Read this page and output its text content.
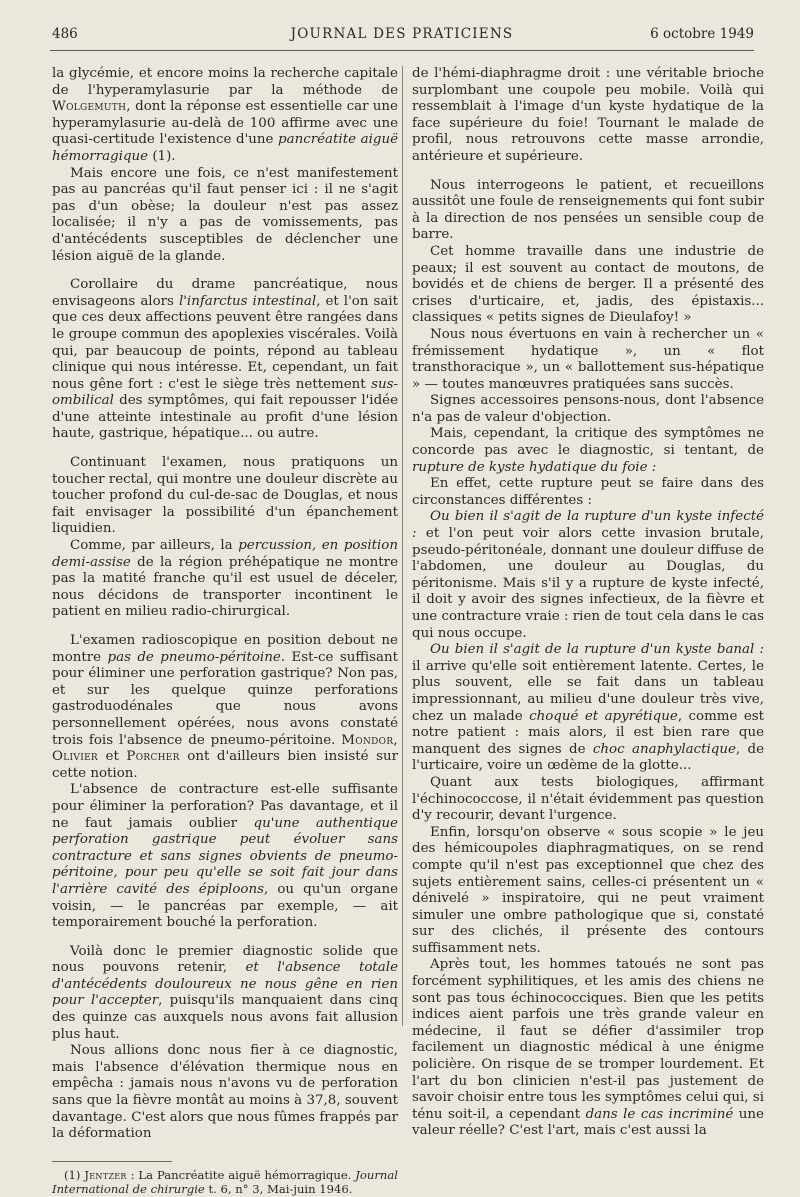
486	JOURNAL DES PRATICIENS	6 octobre 1949

la glycémie, et encore moins la recherche capitale de l'hyperamylasurie par la méthode de Wolgemuth, dont la réponse est essentielle car une hyperamylasurie au-delà de 100 affirme avec une quasi-certitude l'existence d'une pancréatite aiguë hémorragique (1).

Mais encore une fois, ce n'est manifestement pas au pancréas qu'il faut penser ici : il ne s'agit pas d'un obèse; la douleur n'est pas assez localisée; il n'y a pas de vomissements, pas d'antécédents susceptibles de déclencher une lésion aiguë de la glande.

Corollaire du drame pancréatique, nous envisageons alors l'infarctus intestinal, et l'on sait que ces deux affections peuvent être rangées dans le groupe commun des apoplexies viscérales. Voilà qui, par beaucoup de points, répond au tableau clinique qui nous intéresse. Et, cependant, un fait nous gêne fort : c'est le siège très nettement sus-ombilical des symptômes, qui fait repousser l'idée d'une atteinte intestinale au profit d'une lésion haute, gastrique, hépatique... ou autre.

Continuant l'examen, nous pratiquons un toucher rectal, qui montre une douleur discrète au toucher profond du cul-de-sac de Douglas, et nous fait envisager la possibilité d'un épanchement liquidien.

Comme, par ailleurs, la percussion, en position demi-assise de la région préhépatique ne montre pas la matité franche qu'il est usuel de déceler, nous décidons de transporter incontinent le patient en milieu radio-chirurgical.

L'examen radioscopique en position debout ne montre pas de pneumo-péritoine. Est-ce suffisant pour éliminer une perforation gastrique? Non pas, et sur les quelque quinze perforations gastroduodénales que nous avons personnellement opérées, nous avons constaté trois fois l'absence de pneumo-péritoine. Mondor, Olivier et Porcher ont d'ailleurs bien insisté sur cette notion.

L'absence de contracture est-elle suffisante pour éliminer la perforation? Pas davantage, et il ne faut jamais oublier qu'une authentique perforation gastrique peut évoluer sans contracture et sans signes obvients de pneumo-péritoine, pour peu qu'elle se soit fait jour dans l'arrière cavité des épiploons, ou qu'un organe voisin, — le pancréas par exemple, — ait temporairement bouché la perforation.

Voilà donc le premier diagnostic solide que nous pouvons retenir, et l'absence totale d'antécédents douloureux ne nous gêne en rien pour l'accepter, puisqu'ils manquaient dans cinq des quinze cas auxquels nous avons fait allusion plus haut.

Nous allions donc nous fier à ce diagnostic, mais l'absence d'élévation thermique nous en empêcha : jamais nous n'avons vu de perforation sans que la fièvre montât au moins à 37,8, souvent davantage. C'est alors que nous fûmes frappés par la déformation

(1) Jentzer : La Pancréatite aiguë hémorragique. Journal International de chirurgie t. 6, n° 3, Mai-juin 1946.

de l'hémi-diaphragme droit : une véritable brioche surplombant une coupole peu mobile. Voilà qui ressemblait à l'image d'un kyste hydatique de la face supérieure du foie! Tournant le malade de profil, nous retrouvons cette masse arrondie, antérieure et supérieure.

Nous interrogeons le patient, et recueillons aussitôt une foule de renseignements qui font subir à la direction de nos pensées un sensible coup de barre.

Cet homme travaille dans une industrie de peaux; il est souvent au contact de moutons, de bovidés et de chiens de berger. Il a présenté des crises d'urticaire, et, jadis, des épistaxis... classiques « petits signes de Dieulafoy! »

Nous nous évertuons en vain à rechercher un « frémissement hydatique », un « flot transthoracique », un « ballottement sus-hépatique » — toutes manœuvres pratiquées sans succès.

Signes accessoires pensons-nous, dont l'absence n'a pas de valeur d'objection.

Mais, cependant, la critique des symptômes ne concorde pas avec le diagnostic, si tentant, de rupture de kyste hydatique du foie :

En effet, cette rupture peut se faire dans des circonstances différentes :

Ou bien il s'agit de la rupture d'un kyste infecté : et l'on peut voir alors cette invasion brutale, pseudo-péritonéale, donnant une douleur diffuse de l'abdomen, une douleur au Douglas, du péritonisme. Mais s'il y a rupture de kyste infecté, il doit y avoir des signes infectieux, de la fièvre et une contracture vraie : rien de tout cela dans le cas qui nous occupe.

Ou bien il s'agit de la rupture d'un kyste banal : il arrive qu'elle soit entièrement latente. Certes, le plus souvent, elle se fait dans un tableau impressionnant, au milieu d'une douleur très vive, chez un malade choqué et apyrétique, comme est notre patient : mais alors, il est bien rare que manquent des signes de choc anaphylactique, de l'urticaire, voire un œdème de la glotte...

Quant aux tests biologiques, affirmant l'échinococcose, il n'était évidemment pas question d'y recourir, devant l'urgence.

Enfin, lorsqu'on observe « sous scopie » le jeu des hémicoupoles diaphragmatiques, on se rend compte qu'il n'est pas exceptionnel que chez des sujets entièrement sains, celles-ci présentent un « dénivelé » inspiratoire, qui ne peut vraiment simuler une ombre pathologique que si, constaté sur des clichés, il présente des contours suffisamment nets.

Après tout, les hommes tatoués ne sont pas forcément syphilitiques, et les amis des chiens ne sont pas tous échinococciques. Bien que les petits indices aient parfois une très grande valeur en médecine, il faut se défier d'assimiler trop facilement un diagnostic médical à une énigme policière. On risque de se tromper lourdement. Et l'art du bon clinicien n'est-il pas justement de savoir choisir entre tous les symptômes celui qui, si ténu soit-il, a cependant dans le cas incriminé une valeur réelle? C'est l'art, mais c'est aussi la
